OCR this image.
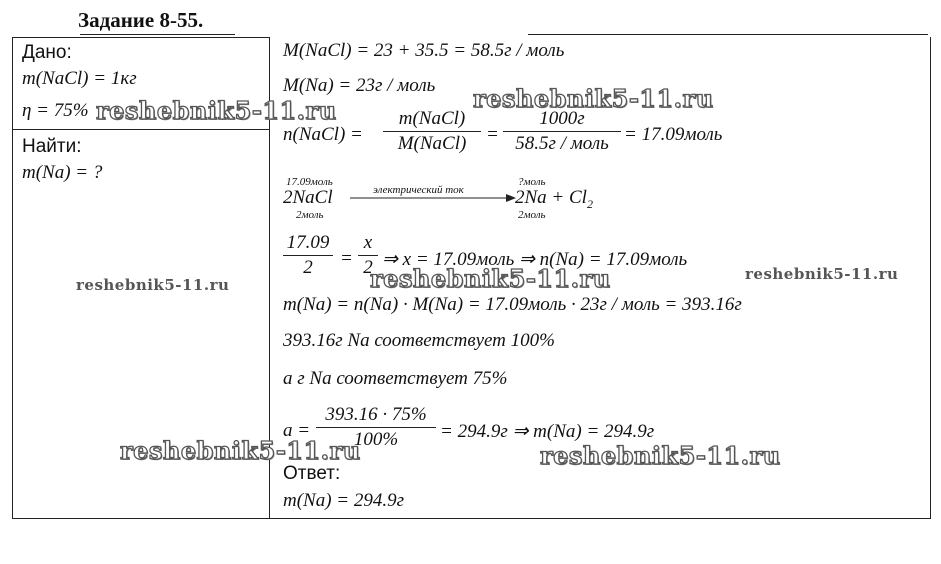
Задание 8-55.
Дано:
m(NaCl) = 1кг
η = 75%
Найти:
m(Na) = ?
M(NaCl) = 23 + 35.5 = 58.5г / моль
M(Na) = 23г / моль
n(NaCl) =
m(NaCl)
M(NaCl)	=
1000г
58.5г / моль = 17.09моль
17.09моль
2NaCl
2моль
электрический ток
?моль
$2Na + Cl_2$
2моль
17.09
2	=
x
2 ⇒ x = 17.09моль ⇒ n(Na) = 17.09моль
m(Na) = n(Na) · M(Na) = 17.09моль · 23г / моль = 393.16г
393.16г Na соответствует 100%
а г Na соответствует 75%
a =
393.16 · 75%
100%	= 294.9г ⇒ m(Na) = 294.9г
Ответ:
m(Na) = 294.9г
reshebnik5-11.ru	reshebnik5-11.ru
reshebnik5-11.ru	reshebnik5-11.ru	reshebnik5-11.ru
reshebnik5-11.ru	reshebnik5-11.ru
